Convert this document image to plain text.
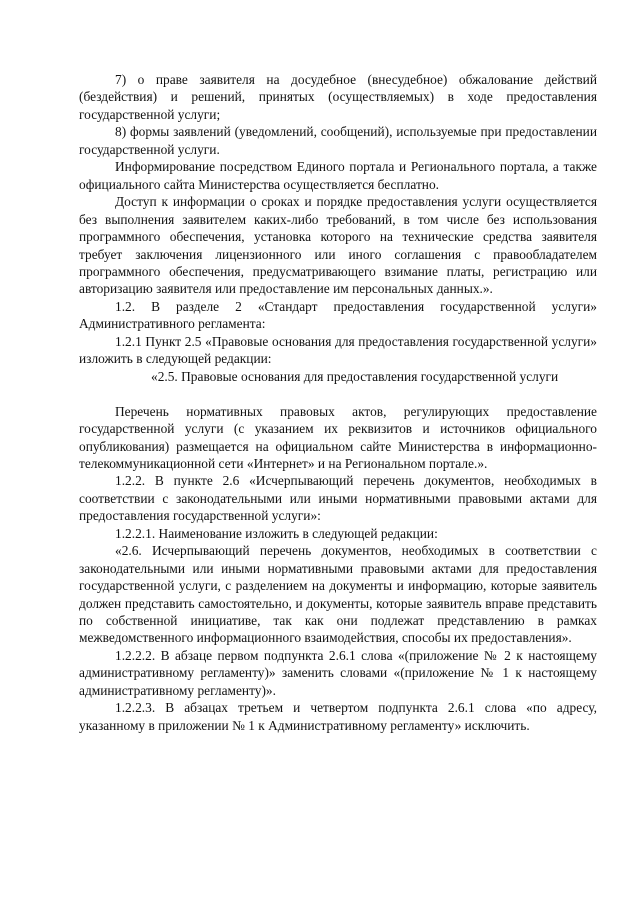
7) о праве заявителя на досудебное (внесудебное) обжалование действий (бездействия) и решений, принятых (осуществляемых) в ходе предоставления государственной услуги;

8) формы заявлений (уведомлений, сообщений), используемые при предоставлении государственной услуги.

Информирование посредством Единого портала и Регионального портала, а также официального сайта Министерства осуществляется бесплатно.

Доступ к информации о сроках и порядке предоставления услуги осуществляется без выполнения заявителем каких-либо требований, в том числе без использования программного обеспечения, установка которого на технические средства заявителя требует заключения лицензионного или иного соглашения с правообладателем программного обеспечения, предусматривающего взимание платы, регистрацию или авторизацию заявителя или предоставление им персональных данных.».

1.2. В разделе 2 «Стандарт предоставления государственной услуги» Административного регламента:

1.2.1 Пункт 2.5 «Правовые основания для предоставления государственной услуги» изложить в следующей редакции:

«2.5. Правовые основания для предоставления государственной услуги

Перечень нормативных правовых актов, регулирующих предоставление государственной услуги (с указанием их реквизитов и источников официального опубликования) размещается на официальном сайте Министерства в информационно-телекоммуникационной сети «Интернет» и на Региональном портале.».

1.2.2. В пункте 2.6 «Исчерпывающий перечень документов, необходимых в соответствии с законодательными или иными нормативными правовыми актами для предоставления государственной услуги»:

1.2.2.1. Наименование изложить в следующей редакции:

«2.6. Исчерпывающий перечень документов, необходимых в соответствии с законодательными или иными нормативными правовыми актами для предоставления государственной услуги, с разделением на документы и информацию, которые заявитель должен представить самостоятельно, и документы, которые заявитель вправе представить по собственной инициативе, так как они подлежат представлению в рамках межведомственного информационного взаимодействия, способы их предоставления».

1.2.2.2. В абзаце первом подпункта 2.6.1 слова «(приложение № 2 к настоящему административному регламенту)» заменить словами «(приложение № 1 к настоящему административному регламенту)».

1.2.2.3. В абзацах третьем и четвертом подпункта 2.6.1 слова «по адресу, указанному в приложении № 1 к Административному регламенту» исключить.
